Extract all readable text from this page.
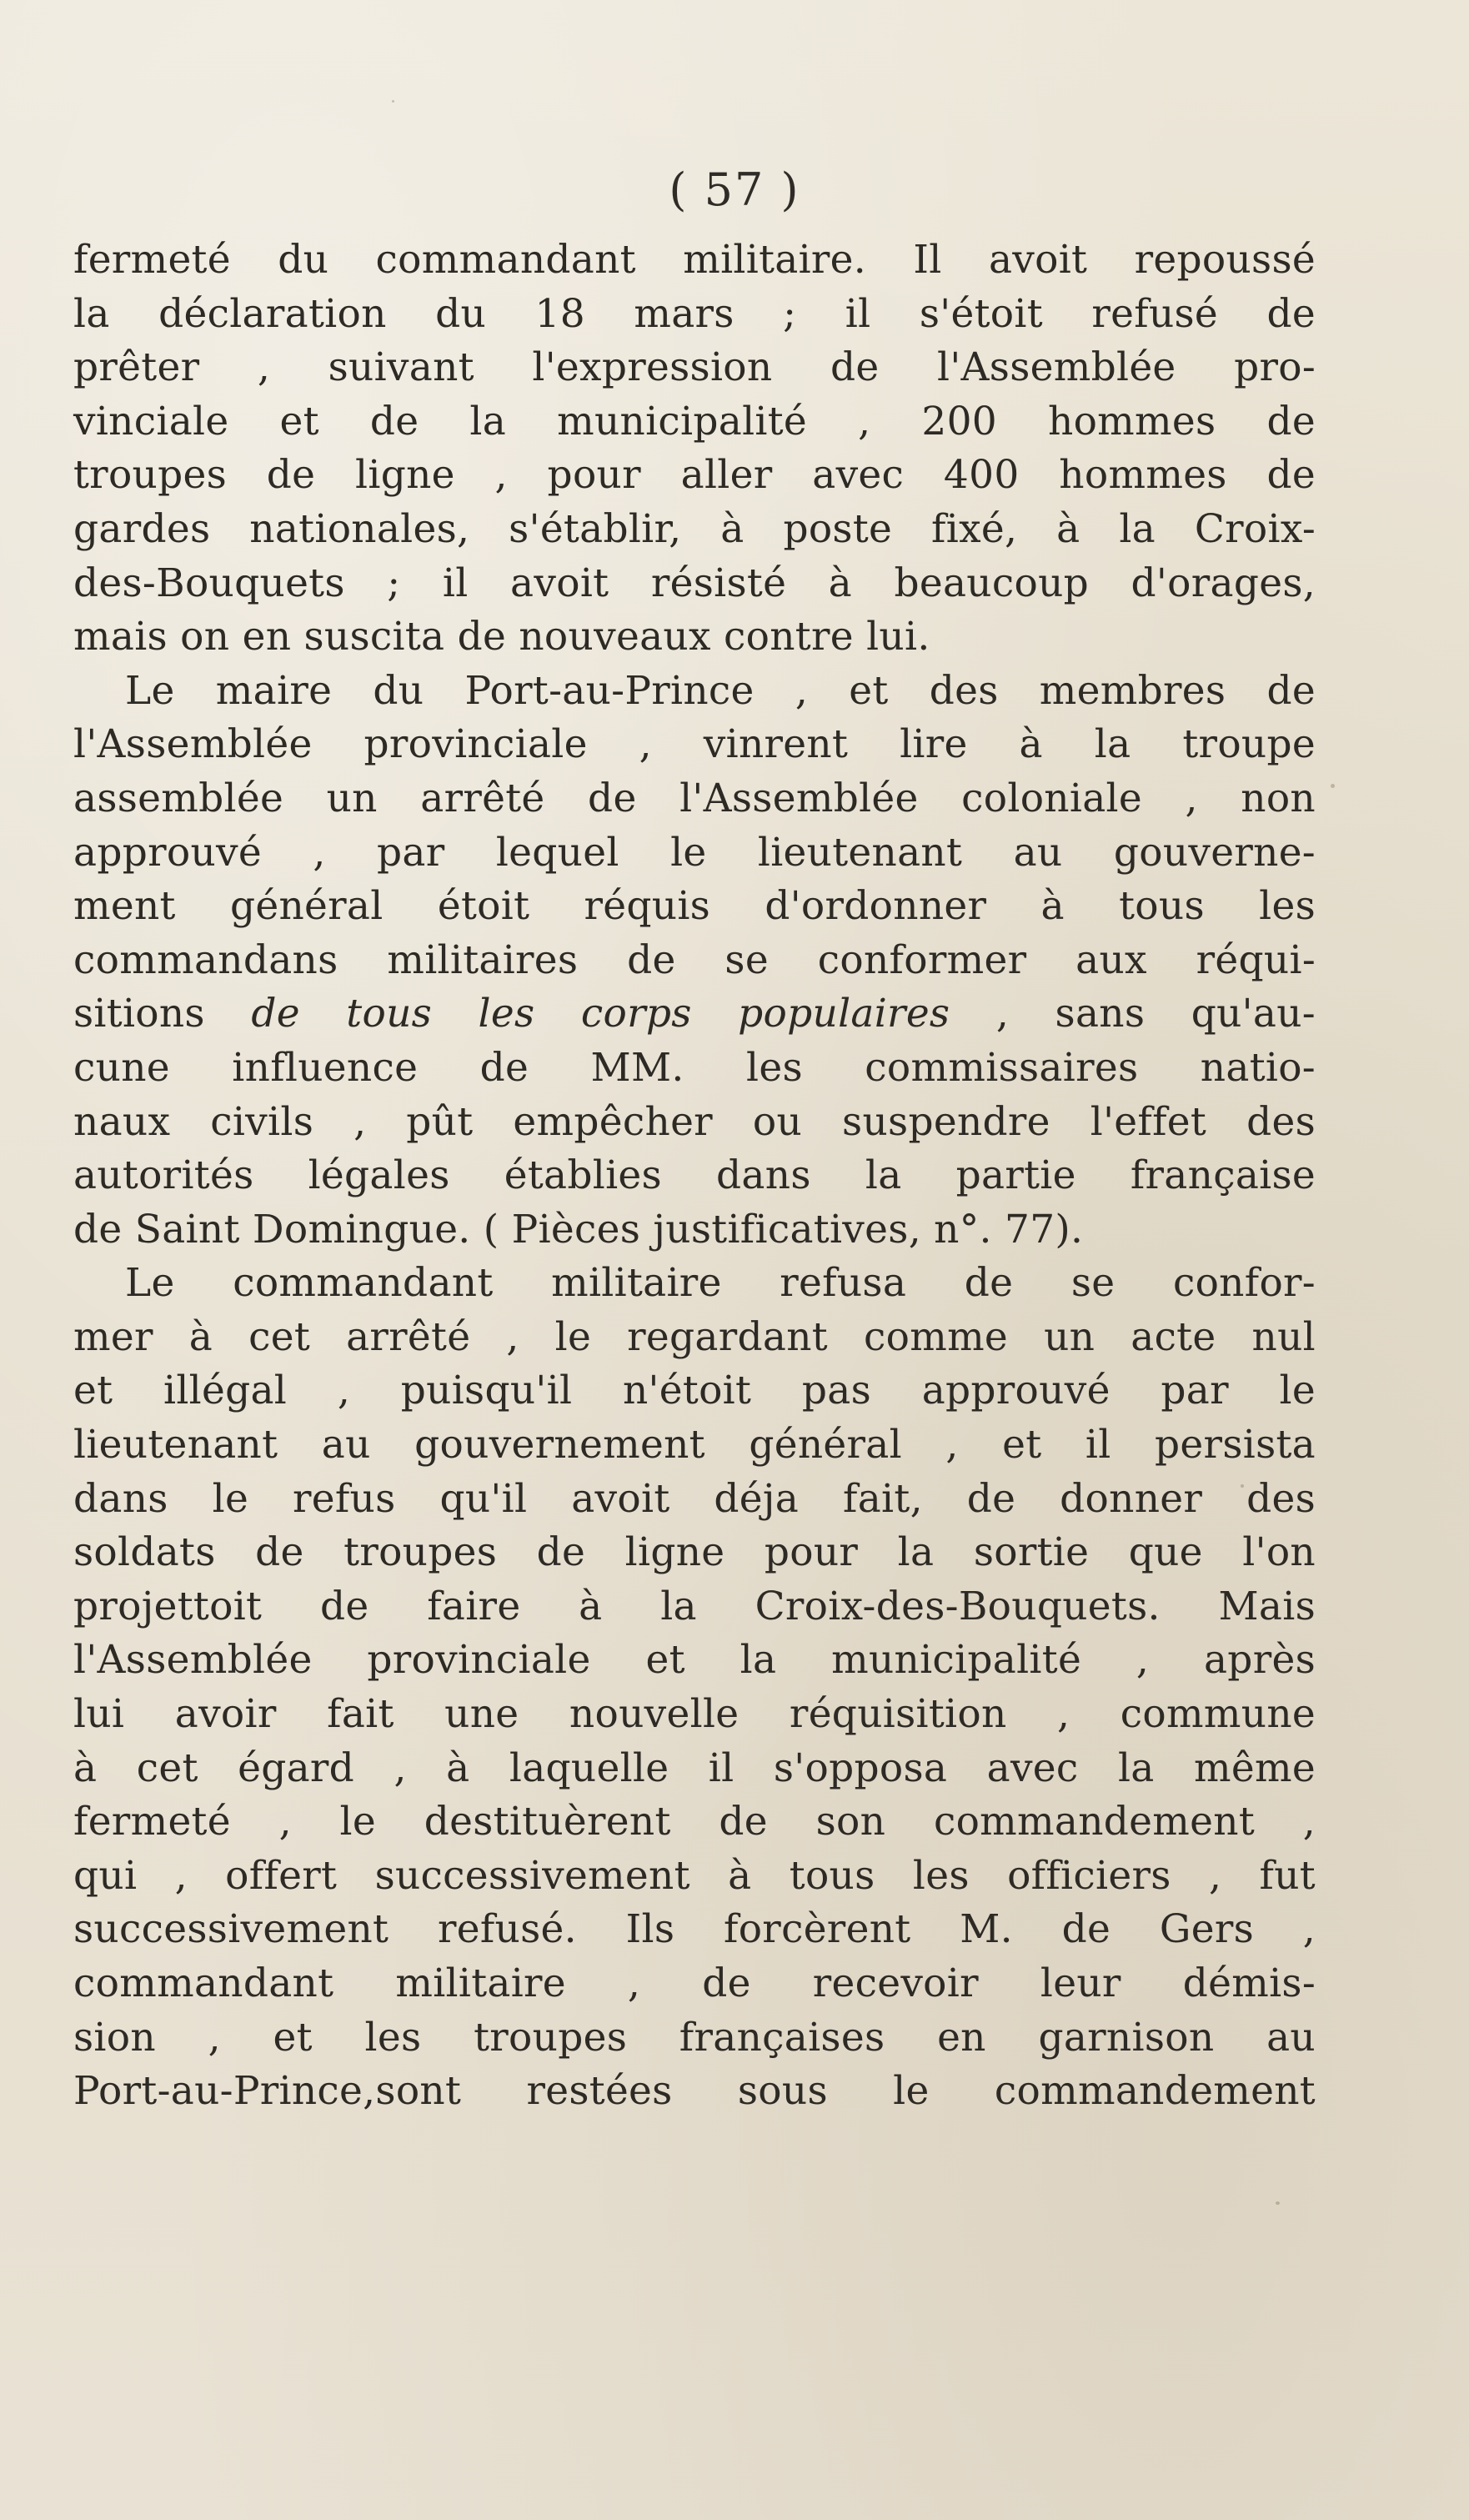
( 57 )
fermeté du commandant militaire. Il avoit repoussé
la déclaration du 18 mars ; il s'étoit refusé de
prêter , suivant l'expression de l'Assemblée pro-
vinciale et de la municipalité , 200 hommes de
troupes de ligne , pour aller avec 400 hommes de
gardes nationales, s'établir, à poste fixé, à la Croix-
des-Bouquets ; il avoit résisté à beaucoup d'orages,
mais on en suscita de nouveaux contre lui.
Le maire du Port-au-Prince , et des membres de
l'Assemblée provinciale , vinrent lire à la troupe
assemblée un arrêté de l'Assemblée coloniale , non
approuvé , par lequel le lieutenant au gouverne-
ment général étoit réquis d'ordonner à tous les
commandans militaires de se conformer aux réqui-
sitions de tous les corps populaires , sans qu'au-
cune influence de MM. les commissaires natio-
naux civils , pût empêcher ou suspendre l'effet des
autorités légales établies dans la partie française
de Saint Domingue. ( Pièces justificatives, n°. 77).
Le commandant militaire refusa de se confor-
mer à cet arrêté , le regardant comme un acte nul
et illégal , puisqu'il n'étoit pas approuvé par le
lieutenant au gouvernement général , et il persista
dans le refus qu'il avoit déja fait, de donner des
soldats de troupes de ligne pour la sortie que l'on
projettoit de faire à la Croix-des-Bouquets. Mais
l'Assemblée provinciale et la municipalité , après
lui avoir fait une nouvelle réquisition , commune
à cet égard , à laquelle il s'opposa avec la même
fermeté , le destituèrent de son commandement ,
qui , offert successivement à tous les officiers , fut
successivement refusé. Ils forcèrent M. de Gers ,
commandant militaire , de recevoir leur démis-
sion , et les troupes françaises en garnison au
Port-au-Prince,sont restées sous le commandement
